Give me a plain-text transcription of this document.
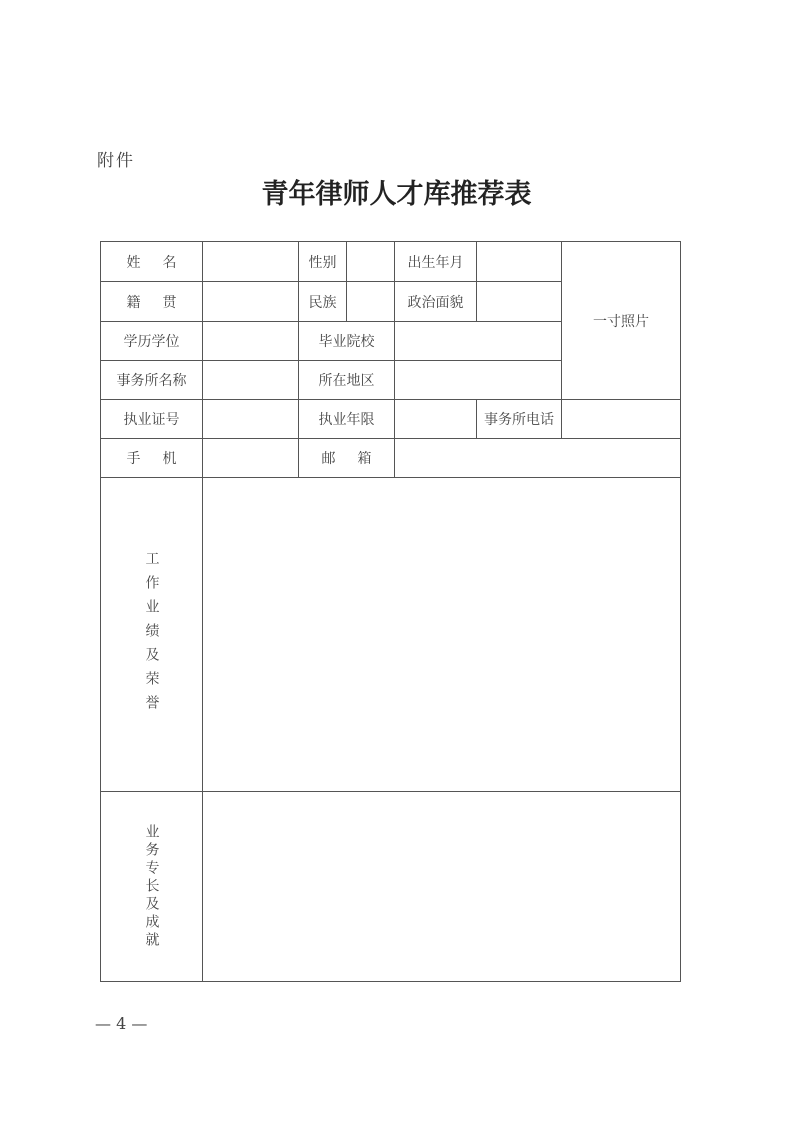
附件
青年律师人才库推荐表
姓名		性别		出生年月		一寸照片
籍贯		民族		政治面貌		
学历学位		毕业院校				
事务所名称		所在地区				
执业证号		执业年限			事务所电话	
手机		邮箱				

工作业绩及荣誉						

业务专长及成就						

— 4 —
